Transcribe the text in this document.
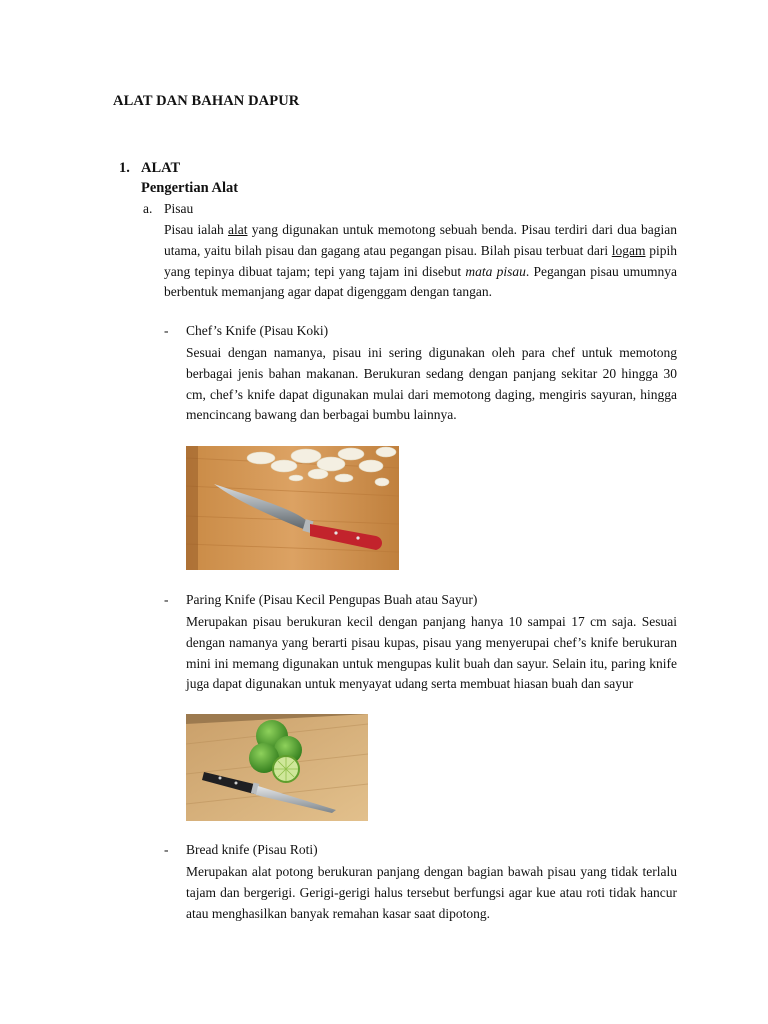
ALAT DAN BAHAN DAPUR
1. ALAT
Pengertian Alat
a. Pisau
Pisau ialah alat yang digunakan untuk memotong sebuah benda. Pisau terdiri dari dua bagian utama, yaitu bilah pisau dan gagang atau pegangan pisau. Bilah pisau terbuat dari logam pipih yang tepinya dibuat tajam; tepi yang tajam ini disebut mata pisau. Pegangan pisau umumnya berbentuk memanjang agar dapat digenggam dengan tangan.
- Chef’s Knife (Pisau Koki)
Sesuai dengan namanya, pisau ini sering digunakan oleh para chef untuk memotong berbagai jenis bahan makanan. Berukuran sedang dengan panjang sekitar 20 hingga 30 cm, chef’s knife dapat digunakan mulai dari memotong daging, mengiris sayuran, hingga mencincang bawang dan berbagai bumbu lainnya.
- Paring Knife (Pisau Kecil Pengupas Buah atau Sayur)
Merupakan pisau berukuran kecil dengan panjang hanya 10 sampai 17 cm saja. Sesuai dengan namanya yang berarti pisau kupas, pisau yang menyerupai chef’s knife berukuran mini ini memang digunakan untuk mengupas kulit buah dan sayur. Selain itu, paring knife juga dapat digunakan untuk menyayat udang serta membuat hiasan buah dan sayur
- Bread knife (Pisau Roti)
Merupakan alat potong berukuran panjang dengan bagian bawah pisau yang tidak terlalu tajam dan bergerigi. Gerigi-gerigi halus tersebut berfungsi agar kue atau roti tidak hancur atau menghasilkan banyak remahan kasar saat dipotong.
